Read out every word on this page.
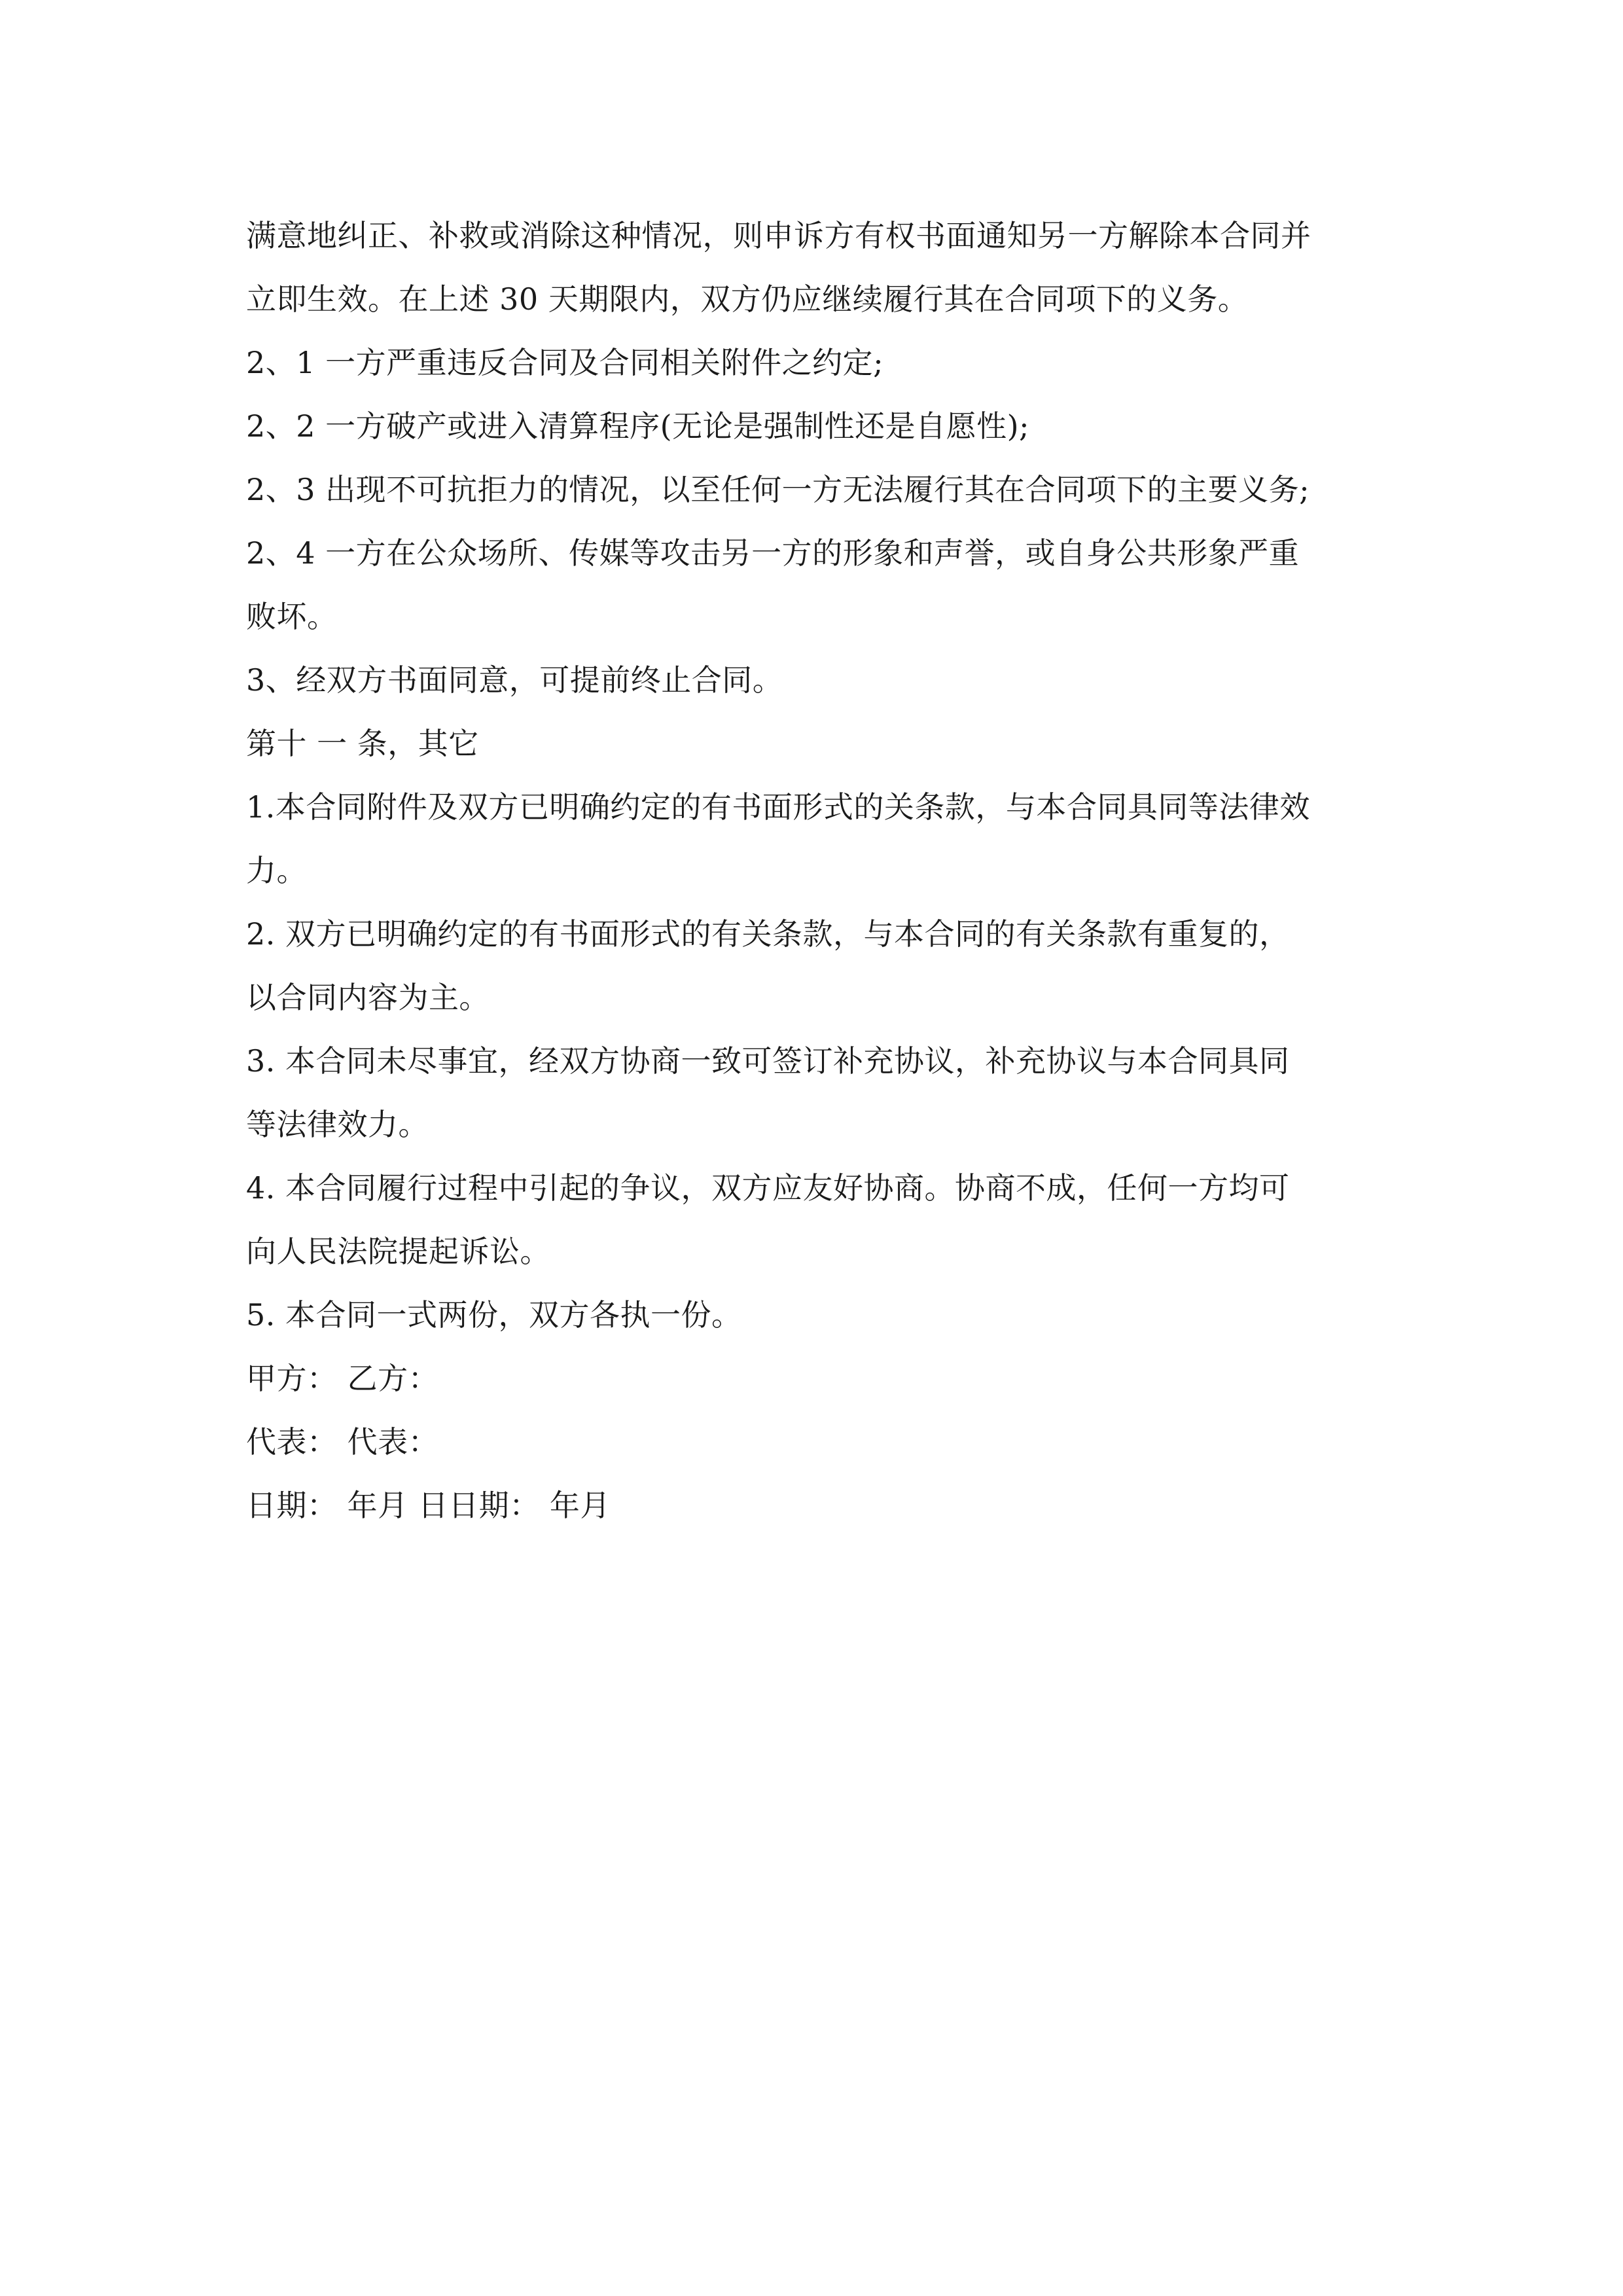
满意地纠正、补救或消除这种情况，则申诉方有权书面通知另一方解除本合同并
立即生效。在上述 30 天期限内，双方仍应继续履行其在合同项下的义务。
2、1 一方严重违反合同及合同相关附件之约定;
2、2 一方破产或进入清算程序(无论是强制性还是自愿性);
2、3 出现不可抗拒力的情况，以至任何一方无法履行其在合同项下的主要义务;
2、4 一方在公众场所、传媒等攻击另一方的形象和声誉，或自身公共形象严重
败坏。
3、经双方书面同意，可提前终止合同。
第十 一 条，其它
1.本合同附件及双方已明确约定的有书面形式的关条款，与本合同具同等法律效
力。
2. 双方已明确约定的有书面形式的有关条款，与本合同的有关条款有重复的，
以合同内容为主。
3. 本合同未尽事宜，经双方协商一致可签订补充协议，补充协议与本合同具同
等法律效力。
4. 本合同履行过程中引起的争议，双方应友好协商。协商不成，任何一方均可
向人民法院提起诉讼。
5. 本合同一式两份，双方各执一份。
甲方： 乙方：
代表： 代表：
日期： 年月 日日期： 年月
